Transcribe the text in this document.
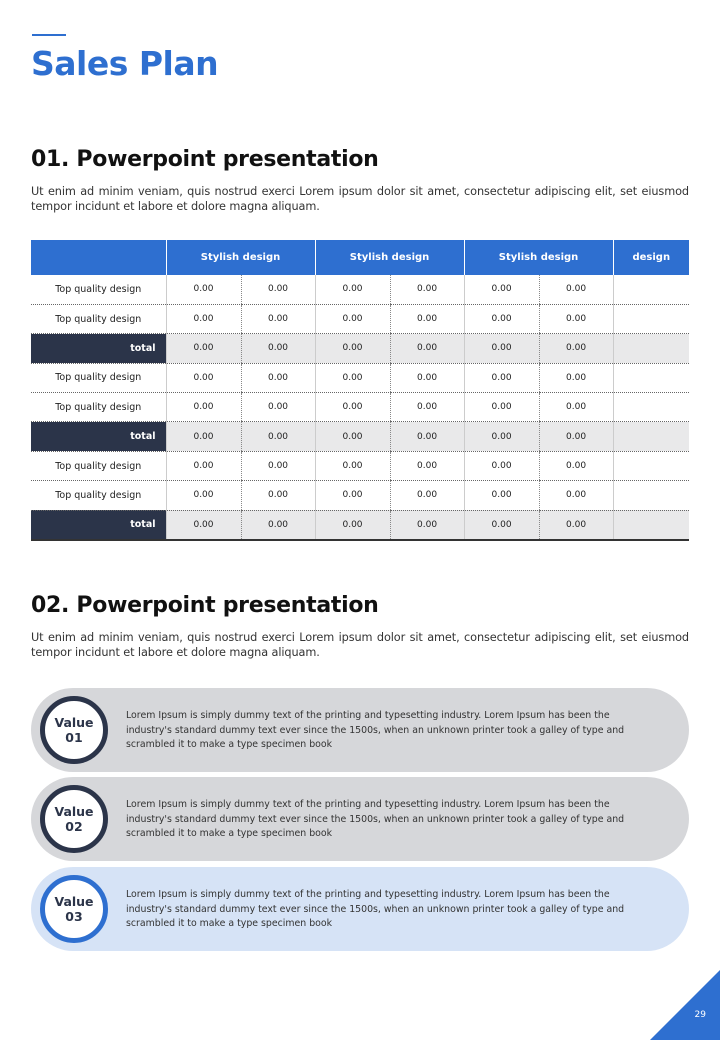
Sales Plan
01. Powerpoint presentation
Ut enim ad minim veniam, quis nostrud exerci Lorem ipsum dolor sit amet, consectetur adipiscing elit, set eiusmod tempor incidunt et labore et dolore magna aliquam.
	Stylish design		Stylish design		Stylish design		design
Top quality design	0.00	0.00	0.00	0.00	0.00	0.00	
Top quality design	0.00	0.00	0.00	0.00	0.00	0.00	
total	0.00	0.00	0.00	0.00	0.00	0.00	
Top quality design	0.00	0.00	0.00	0.00	0.00	0.00	
Top quality design	0.00	0.00	0.00	0.00	0.00	0.00	
total	0.00	0.00	0.00	0.00	0.00	0.00	
Top quality design	0.00	0.00	0.00	0.00	0.00	0.00	
Top quality design	0.00	0.00	0.00	0.00	0.00	0.00	
total	0.00	0.00	0.00	0.00	0.00	0.00	
02. Powerpoint presentation
Ut enim ad minim veniam, quis nostrud exerci Lorem ipsum dolor sit amet, consectetur adipiscing elit, set eiusmod tempor incidunt et labore et dolore magna aliquam.
Value
01
Lorem Ipsum is simply dummy text of the printing and typesetting industry. Lorem Ipsum has been the industry's standard dummy text ever since the 1500s, when an unknown printer took a galley of type and scrambled it to make a type specimen book
Value
02
Lorem Ipsum is simply dummy text of the printing and typesetting industry. Lorem Ipsum has been the industry's standard dummy text ever since the 1500s, when an unknown printer took a galley of type and scrambled it to make a type specimen book
Value
03
Lorem Ipsum is simply dummy text of the printing and typesetting industry. Lorem Ipsum has been the industry's standard dummy text ever since the 1500s, when an unknown printer took a galley of type and scrambled it to make a type specimen book
29
